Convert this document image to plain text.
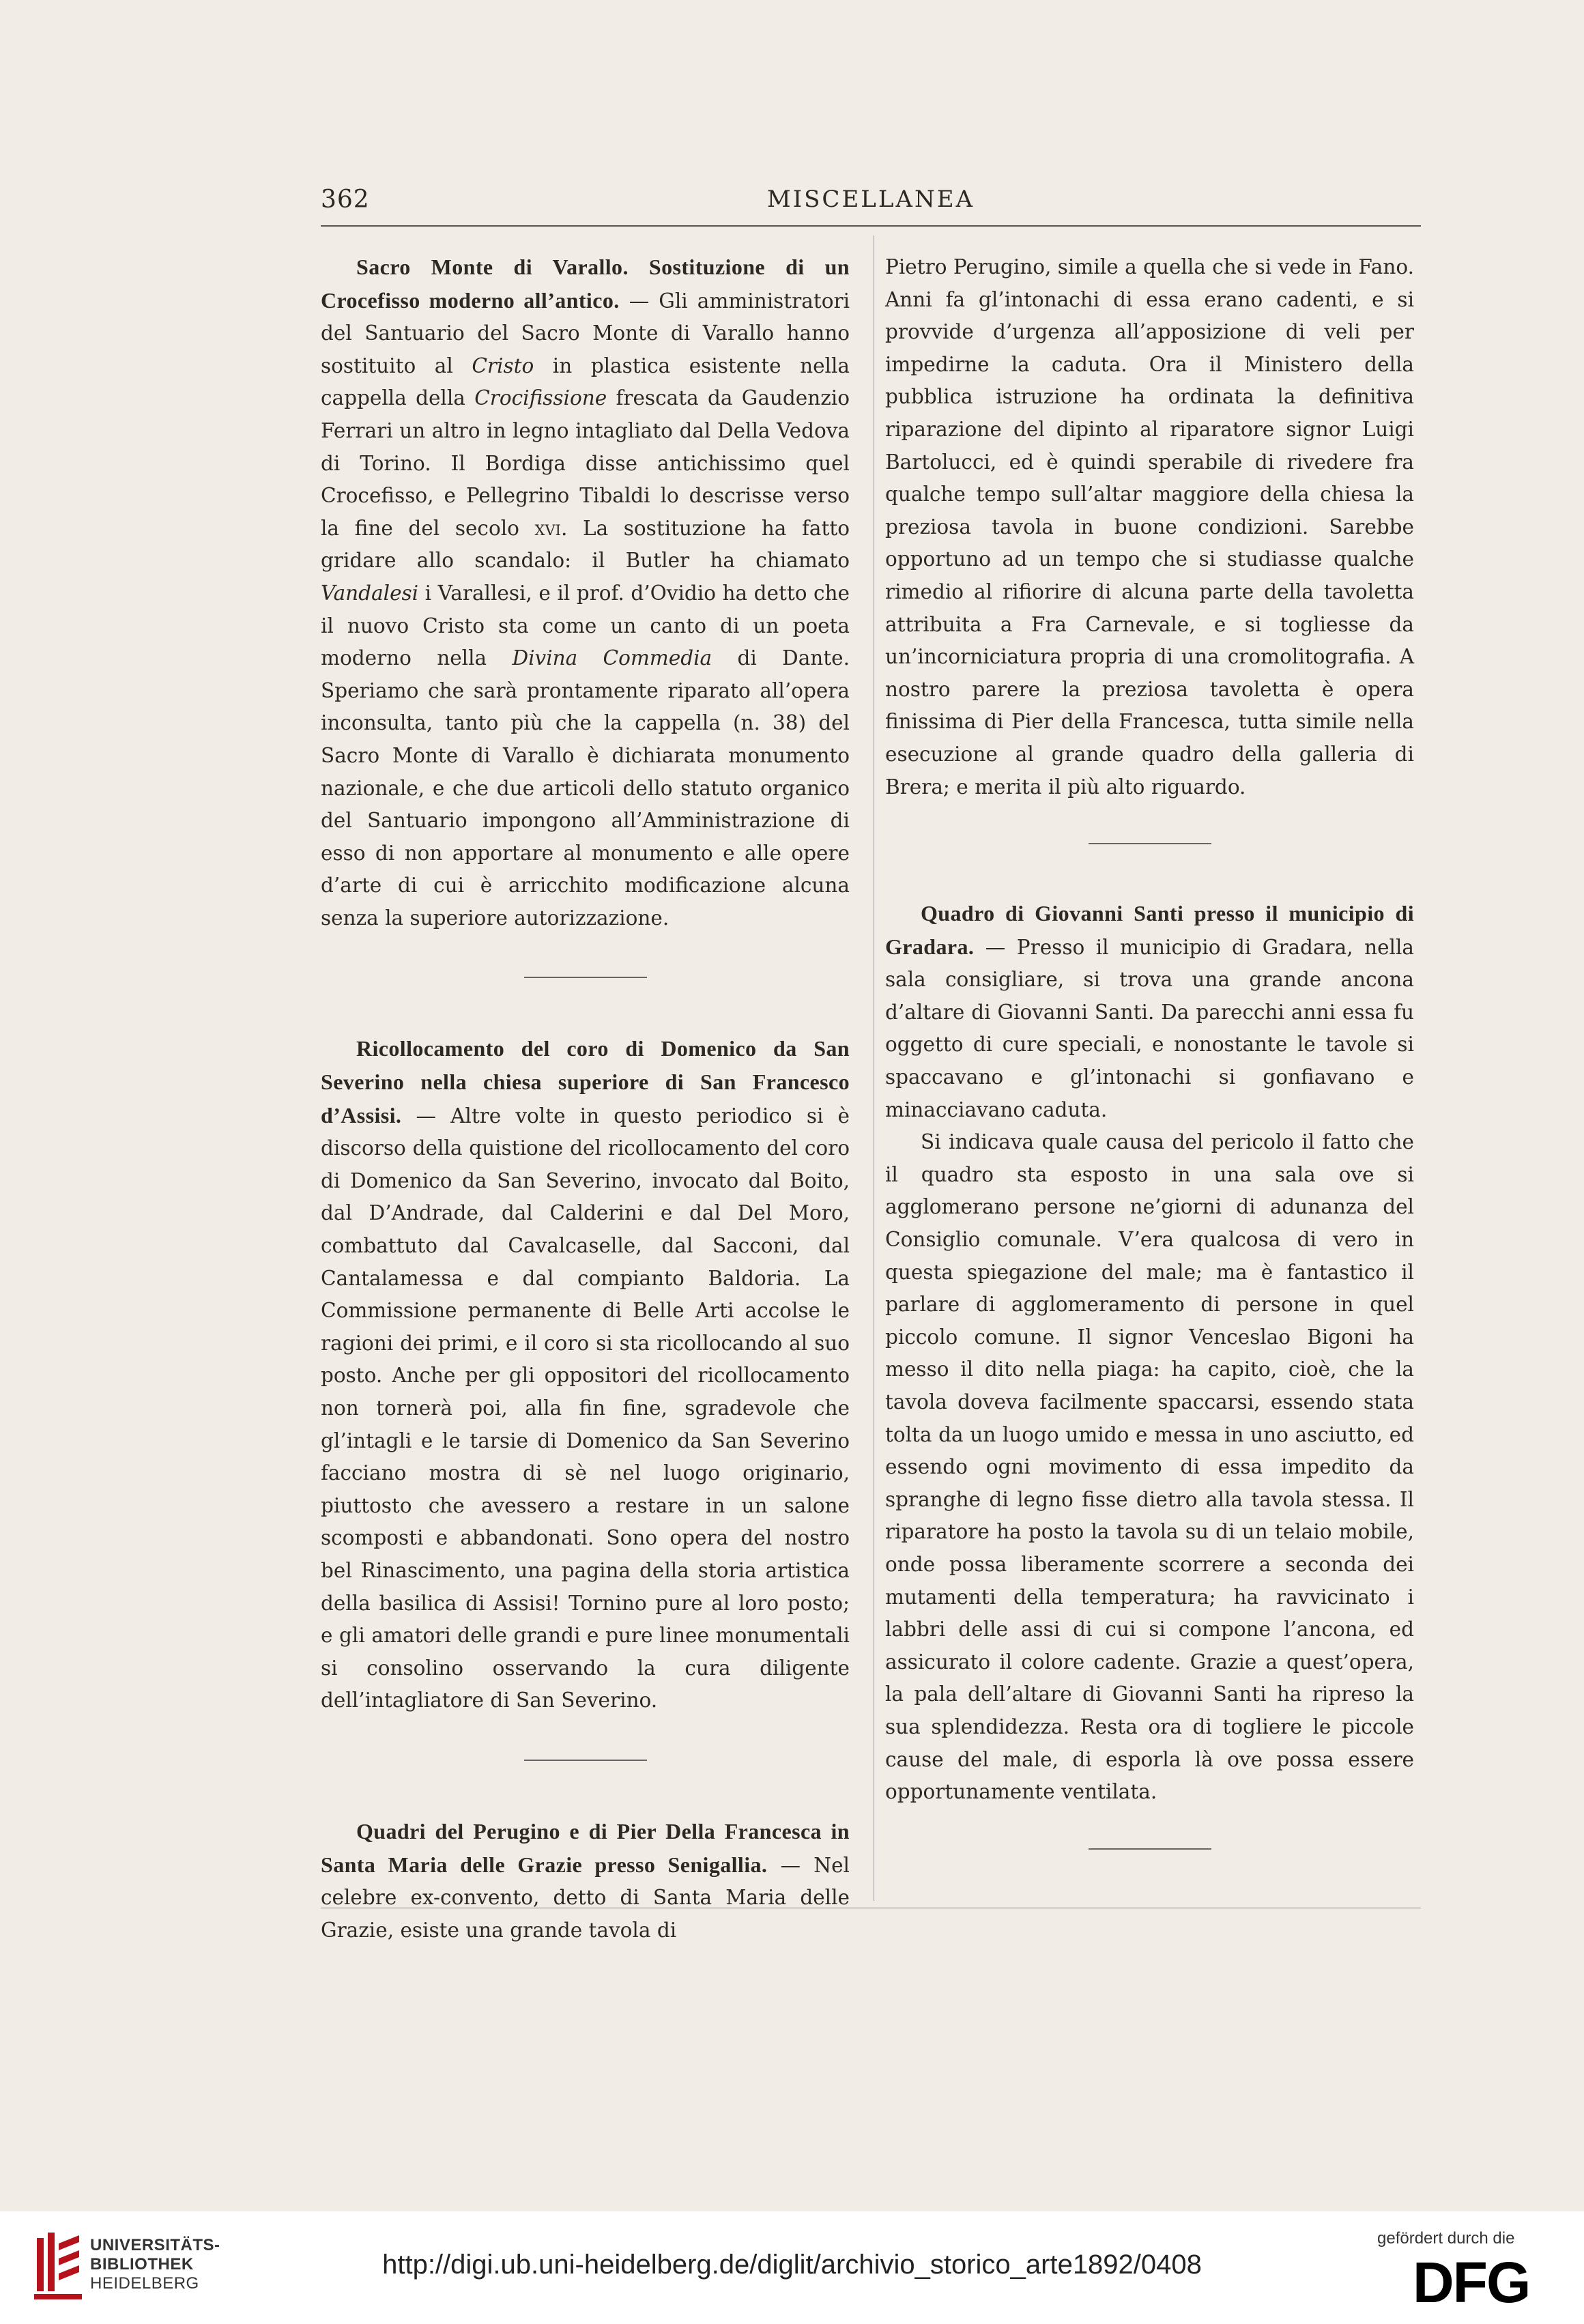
362	MISCELLANEA

Sacro Monte di Varallo. Sostituzione di un Crocefisso moderno all’antico. — Gli amministratori del Santuario del Sacro Monte di Varallo hanno sostituito al Cristo in plastica esistente nella cappella della Crocifissione frescata da Gaudenzio Ferrari un altro in legno intagliato dal Della Vedova di Torino. Il Bordiga disse antichissimo quel Crocefisso, e Pellegrino Tibaldi lo descrisse verso la fine del secolo xvi. La sostituzione ha fatto gridare allo scandalo: il Butler ha chiamato Vandalesi i Varallesi, e il prof. d’Ovidio ha detto che il nuovo Cristo sta come un canto di un poeta moderno nella Divina Commedia di Dante. Speriamo che sarà prontamente riparato all’opera inconsulta, tanto più che la cappella (n. 38) del Sacro Monte di Varallo è dichiarata monumento nazionale, e che due articoli dello statuto organico del Santuario impongono all’Amministrazione di esso di non apportare al monumento e alle opere d’arte di cui è arricchito modificazione alcuna senza la superiore autorizzazione.

Ricollocamento del coro di Domenico da San Severino nella chiesa superiore di San Francesco d’Assisi. — Altre volte in questo periodico si è discorso della quistione del ricollocamento del coro di Domenico da San Severino, invocato dal Boito, dal D’Andrade, dal Calderini e dal Del Moro, combattuto dal Cavalcaselle, dal Sacconi, dal Cantalamessa e dal compianto Baldoria. La Commissione permanente di Belle Arti accolse le ragioni dei primi, e il coro si sta ricollocando al suo posto. Anche per gli oppositori del ricollocamento non tornerà poi, alla fin fine, sgradevole che gl’intagli e le tarsie di Domenico da San Severino facciano mostra di sè nel luogo originario, piuttosto che avessero a restare in un salone scomposti e abbandonati. Sono opera del nostro bel Rinascimento, una pagina della storia artistica della basilica di Assisi! Tornino pure al loro posto; e gli amatori delle grandi e pure linee monumentali si consolino osservando la cura diligente dell’intagliatore di San Severino.

Quadri del Perugino e di Pier Della Francesca in Santa Maria delle Grazie presso Senigallia. — Nel celebre ex-convento, detto di Santa Maria delle Grazie, esiste una grande tavola di

Pietro Perugino, simile a quella che si vede in Fano. Anni fa gl’intonachi di essa erano cadenti, e si provvide d’urgenza all’apposizione di veli per impedirne la caduta. Ora il Ministero della pubblica istruzione ha ordinata la definitiva riparazione del dipinto al riparatore signor Luigi Bartolucci, ed è quindi sperabile di rivedere fra qualche tempo sull’altar maggiore della chiesa la preziosa tavola in buone condizioni. Sarebbe opportuno ad un tempo che si studiasse qualche rimedio al rifiorire di alcuna parte della tavoletta attribuita a Fra Carnevale, e si togliesse da un’incorniciatura propria di una cromolitografia. A nostro parere la preziosa tavoletta è opera finissima di Pier della Francesca, tutta simile nella esecuzione al grande quadro della galleria di Brera; e merita il più alto riguardo.

Quadro di Giovanni Santi presso il municipio di Gradara. — Presso il municipio di Gradara, nella sala consigliare, si trova una grande ancona d’altare di Giovanni Santi. Da parecchi anni essa fu oggetto di cure speciali, e nonostante le tavole si spaccavano e gl’intonachi si gonfiavano e minacciavano caduta.

Si indicava quale causa del pericolo il fatto che il quadro sta esposto in una sala ove si agglomerano persone ne’giorni di adunanza del Consiglio comunale. V’era qualcosa di vero in questa spiegazione del male; ma è fantastico il parlare di agglomeramento di persone in quel piccolo comune. Il signor Venceslao Bigoni ha messo il dito nella piaga: ha capito, cioè, che la tavola doveva facilmente spaccarsi, essendo stata tolta da un luogo umido e messa in uno asciutto, ed essendo ogni movimento di essa impedito da spranghe di legno fisse dietro alla tavola stessa. Il riparatore ha posto la tavola su di un telaio mobile, onde possa liberamente scorrere a seconda dei mutamenti della temperatura; ha ravvicinato i labbri delle assi di cui si compone l’ancona, ed assicurato il colore cadente. Grazie a quest’opera, la pala dell’altare di Giovanni Santi ha ripreso la sua splendidezza. Resta ora di togliere le piccole cause del male, di esporla là ove possa essere opportunamente ventilata.

UNIVERSITÄTS-
BIBLIOTHEK
HEIDELBERG
http://digi.ub.uni-heidelberg.de/diglit/archivio_storico_arte1892/0408
gefördert durch die
DFG
